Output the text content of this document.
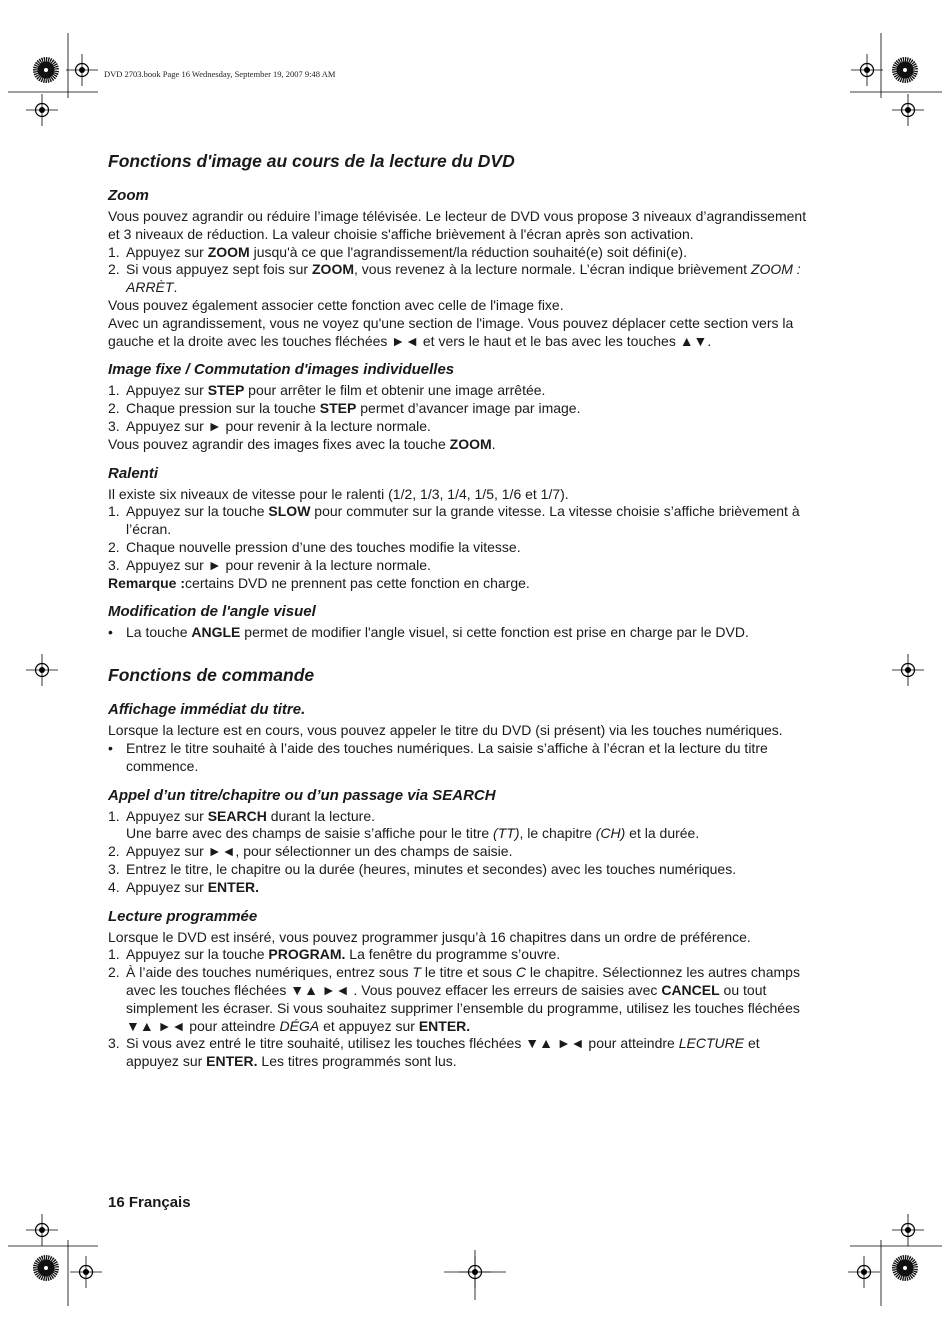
DVD 2703.book Page 16 Wednesday, September 19, 2007 9:48 AM
Fonctions d'image au cours de la lecture du DVD
Zoom

Vous pouvez agrandir ou réduire l’image télévisée. Le lecteur de DVD vous propose 3 niveaux d’agrandissement et 3 niveaux de réduction. La valeur choisie s'affiche brièvement à l'écran après son activation.

1. Appuyez sur ZOOM jusqu'à ce que l'agrandissement/la réduction souhaité(e) soit défini(e).
2. Si vous appuyez sept fois sur ZOOM, vous revenez à la lecture normale. L’écran indique brièvement ZOOM : ARRÈT.

Vous pouvez également associer cette fonction avec celle de l'image fixe.

Avec un agrandissement, vous ne voyez qu'une section de l'image. Vous pouvez déplacer cette section vers la gauche et la droite avec les touches fléchées ►◄ et vers le haut et le bas avec les touches ▲▼.

Image fixe / Commutation d'images individuelles
1. Appuyez sur STEP pour arrêter le film et obtenir une image arrêtée.
2. Chaque pression sur la touche STEP permet d’avancer image par image.
3. Appuyez sur ► pour revenir à la lecture normale.

Vous pouvez agrandir des images fixes avec la touche ZOOM.

Ralenti

Il existe six niveaux de vitesse pour le ralenti (1/2, 1/3, 1/4, 1/5, 1/6 et 1/7).

1. Appuyez sur la touche SLOW pour commuter sur la grande vitesse. La vitesse choisie s’affiche brièvement à l’écran.
2. Chaque nouvelle pression d’une des touches modifie la vitesse.
3. Appuyez sur ► pour revenir à la lecture normale.

Remarque :certains DVD ne prennent pas cette fonction en charge.

Modification de l'angle visuel
• La touche ANGLE permet de modifier l'angle visuel, si cette fonction est prise en charge par le DVD.
Fonctions de commande
Affichage immédiat du titre.

Lorsque la lecture est en cours, vous pouvez appeler le titre du DVD (si présent) via les touches numériques.

• Entrez le titre souhaité à l’aide des touches numériques. La saisie s’affiche à l’écran et la lecture du titre commence.
Appel d’un titre/chapitre ou d’un passage via SEARCH
1. Appuyez sur SEARCH durant la lecture.
Une barre avec des champs de saisie s’affiche pour le titre (TT), le chapitre (CH) et la durée.
2. Appuyez sur ►◄, pour sélectionner un des champs de saisie.
3. Entrez le titre, le chapitre ou la durée (heures, minutes et secondes) avec les touches numériques.
4. Appuyez sur ENTER.
Lecture programmée

Lorsque le DVD est inséré, vous pouvez programmer jusqu’à 16 chapitres dans un ordre de préférence.

1. Appuyez sur la touche PROGRAM. La fenêtre du programme s’ouvre.
2. À l’aide des touches numériques, entrez sous T le titre et sous C le chapitre. Sélectionnez les autres champs avec les touches fléchées ▼▲ ►◄ . Vous pouvez effacer les erreurs de saisies avec CANCEL ou tout simplement les écraser. Si vous souhaitez supprimer l’ensemble du programme, utilisez les touches fléchées ▼▲ ►◄ pour atteindre DÉGA et appuyez sur ENTER.
3. Si vous avez entré le titre souhaité, utilisez les touches fléchées ▼▲ ►◄ pour atteindre LECTURE et appuyez sur ENTER. Les titres programmés sont lus.
16 Français
